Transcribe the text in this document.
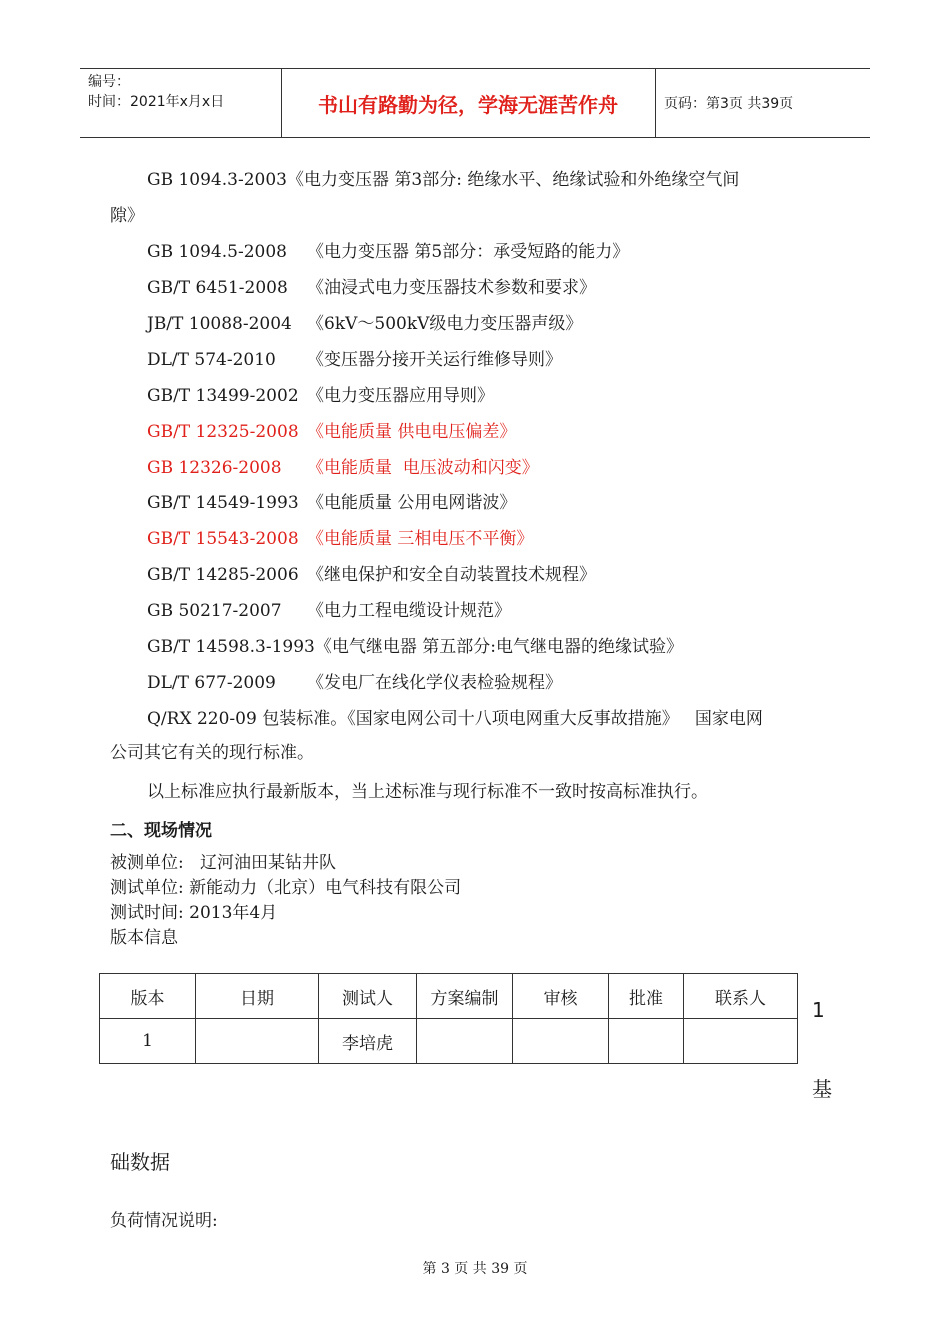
编号：
时间：2021年x月x日	书山有路勤为径，学海无涯苦作舟	页码：第3页 共39页
GB 1094.3-2003《电力变压器 第3部分: 绝缘水平、绝缘试验和外绝缘空气间
GB 1094.5-2008 《电力变压器 第5部分：承受短路的能力》
GB/T 6451-2008 《油浸式电力变压器技术参数和要求》
JB/T 10088-2004 《6kV～500kV级电力变压器声级》
DL/T 574-2010 《变压器分接开关运行维修导则》
GB/T 13499-2002 《电力变压器应用导则》
GB/T 12325-2008 《电能质量 供电电压偏差》
GB 12326-2008 《电能质量  电压波动和闪变》
GB/T 14549-1993 《电能质量 公用电网谐波》
GB/T 15543-2008 《电能质量 三相电压不平衡》
GB/T 14285-2006 《继电保护和安全自动装置技术规程》
GB 50217-2007 《电力工程电缆设计规范》
GB/T 14598.3-1993《电气继电器 第五部分:电气继电器的绝缘试验》
DL/T 677-2009 《发电厂在线化学仪表检验规程》
隙》
Q/RX 220-09 包装标准。《国家电网公司十八项电网重大反事故措施》   国家电网
公司其它有关的现行标准。
以上标准应执行最新版本，当上述标准与现行标准不一致时按高标准执行。
二、现场情况
被测单位:   辽河油田某钻井队
测试单位: 新能动力（北京）电气科技有限公司
测试时间: 2013年4月
版本信息
版本	日期	测试人	方案编制	审核	批准	联系人
1		李培虎				
1
基
础数据
负荷情况说明:
第 3 页 共 39 页
